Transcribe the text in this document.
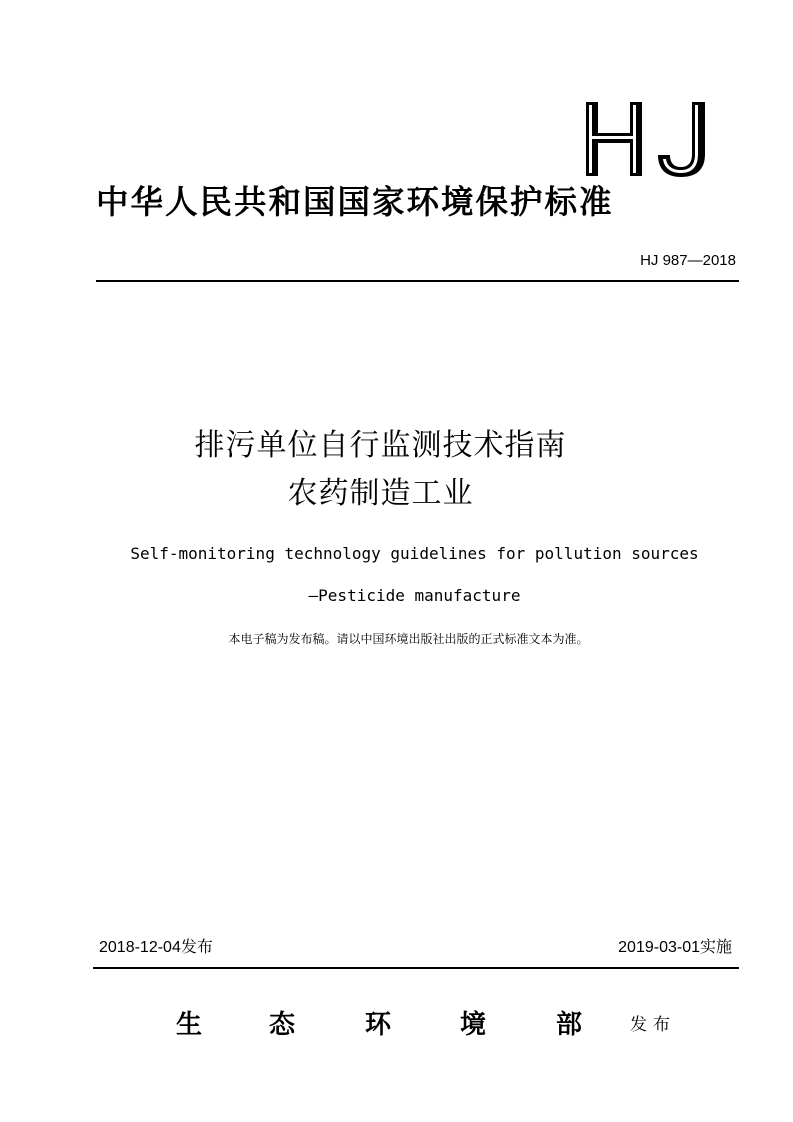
中华人民共和国国家环境保护标准
HJ 987—2018
排污单位自行监测技术指南
农药制造工业
Self-monitoring technology guidelines for pollution sources
—Pesticide manufacture
本电子稿为发布稿。请以中国环境出版社出版的正式标准文本为准。
2018-12-04发布	2019-03-01实施
生	态	环	境	部	发布
